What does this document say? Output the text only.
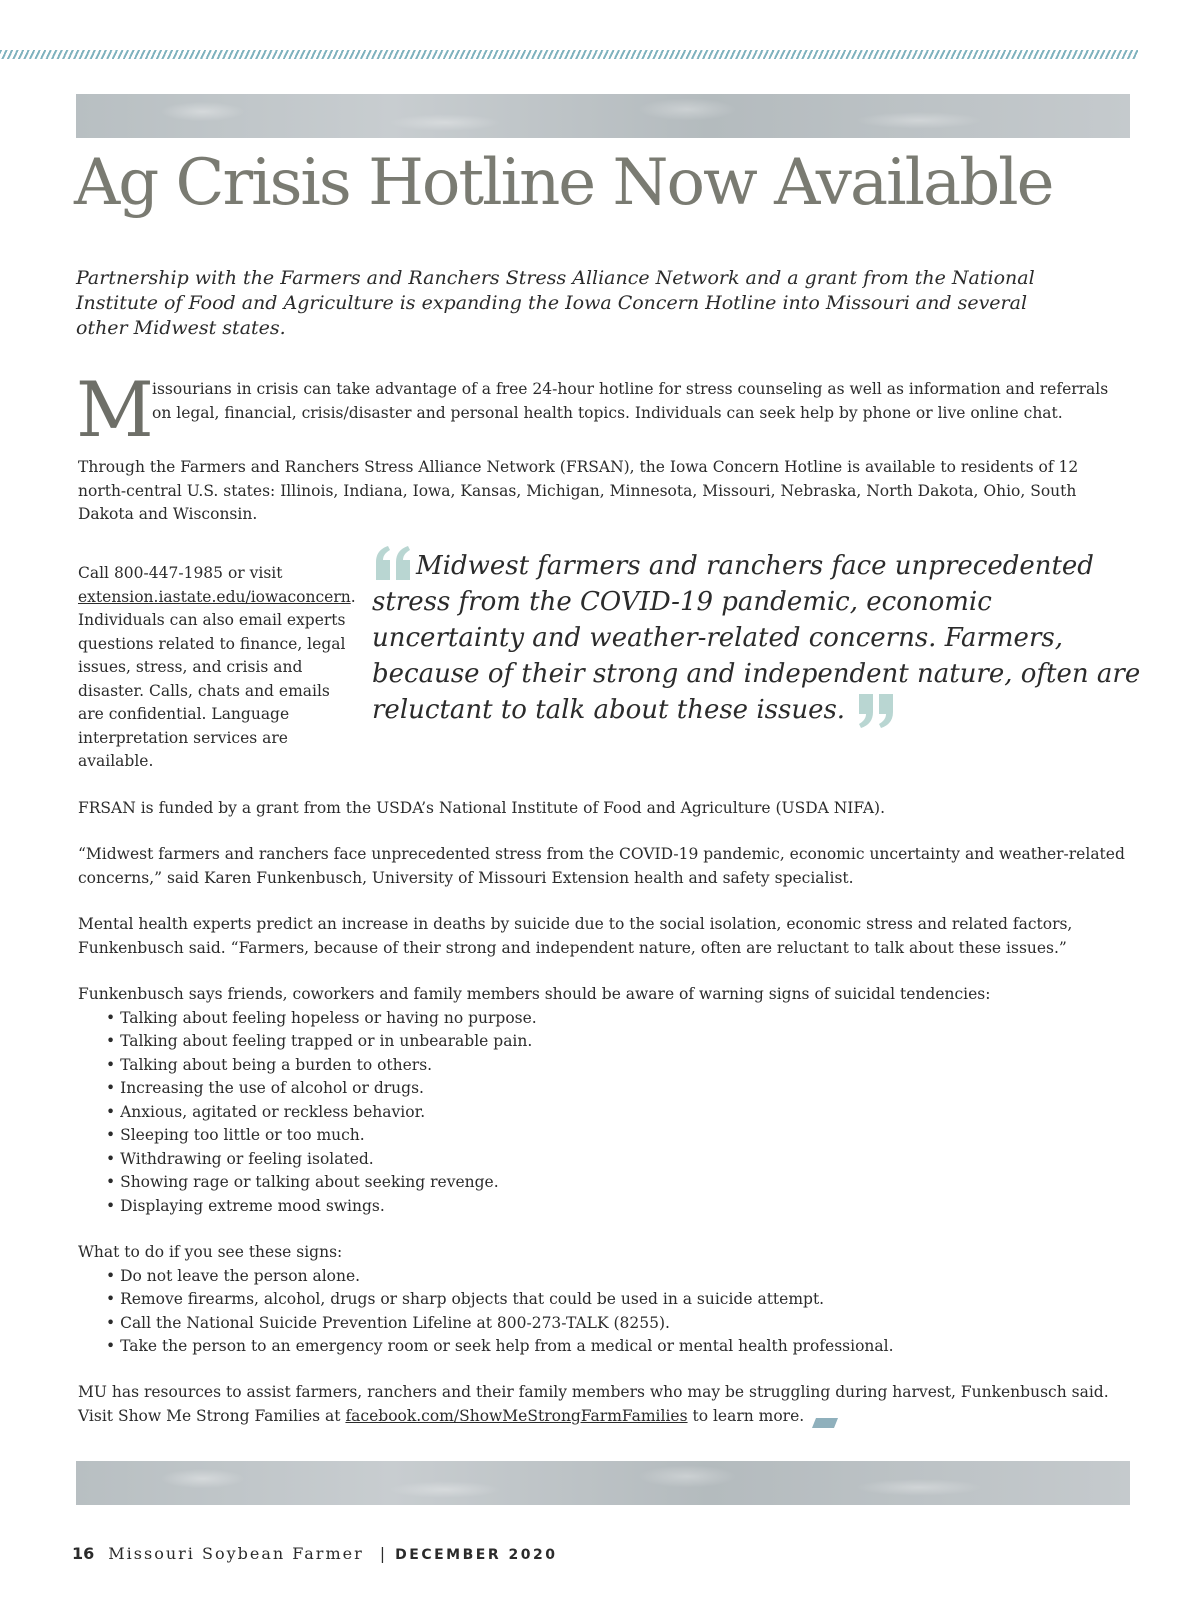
Ag Crisis Hotline Now Available

Partnership with the Farmers and Ranchers Stress Alliance Network and a grant from the National Institute of Food and Agriculture is expanding the Iowa Concern Hotline into Missouri and several other Midwest states.

M

issourians in crisis can take advantage of a free 24-hour hotline for stress counseling as well as information and referrals on legal, financial, crisis/disaster and personal health topics. Individuals can seek help by phone or live online chat.

Through the Farmers and Ranchers Stress Alliance Network (FRSAN), the Iowa Concern Hotline is available to residents of 12 north-central U.S. states: Illinois, Indiana, Iowa, Kansas, Michigan, Minnesota, Missouri, Nebraska, North Dakota, Ohio, South Dakota and Wisconsin.

Call 800-447-1985 or visit extension.iastate.edu/iowaconcern. Individuals can also email experts questions related to finance, legal issues, stress, and crisis and disaster. Calls, chats and emails are confidential. Language interpretation services are available.

Midwest farmers and ranchers face unprecedented stress from the COVID-19 pandemic, economic uncertainty and weather-related concerns. Farmers, because of their strong and independent nature, often are reluctant to talk about these issues.

FRSAN is funded by a grant from the USDA’s National Institute of Food and Agriculture (USDA NIFA).

“Midwest farmers and ranchers face unprecedented stress from the COVID-19 pandemic, economic uncertainty and weather-related concerns,” said Karen Funkenbusch, University of Missouri Extension health and safety specialist.

Mental health experts predict an increase in deaths by suicide due to the social isolation, economic stress and related factors, Funkenbusch said. “Farmers, because of their strong and independent nature, often are reluctant to talk about these issues.”

Funkenbusch says friends, coworkers and family members should be aware of warning signs of suicidal tendencies:
• Talking about feeling hopeless or having no purpose.
• Talking about feeling trapped or in unbearable pain.
• Talking about being a burden to others.
• Increasing the use of alcohol or drugs.
• Anxious, agitated or reckless behavior.
• Sleeping too little or too much.
• Withdrawing or feeling isolated.
• Showing rage or talking about seeking revenge.
• Displaying extreme mood swings.
What to do if you see these signs:
• Do not leave the person alone.
• Remove firearms, alcohol, drugs or sharp objects that could be used in a suicide attempt.
• Call the National Suicide Prevention Lifeline at 800-273-TALK (8255).
• Take the person to an emergency room or seek help from a medical or mental health professional.

MU has resources to assist farmers, ranchers and their family members who may be struggling during harvest, Funkenbusch said. Visit Show Me Strong Families at facebook.com/ShowMeStrongFarmFamilies to learn more.

16 Missouri Soybean Farmer | DECEMBER 2020
